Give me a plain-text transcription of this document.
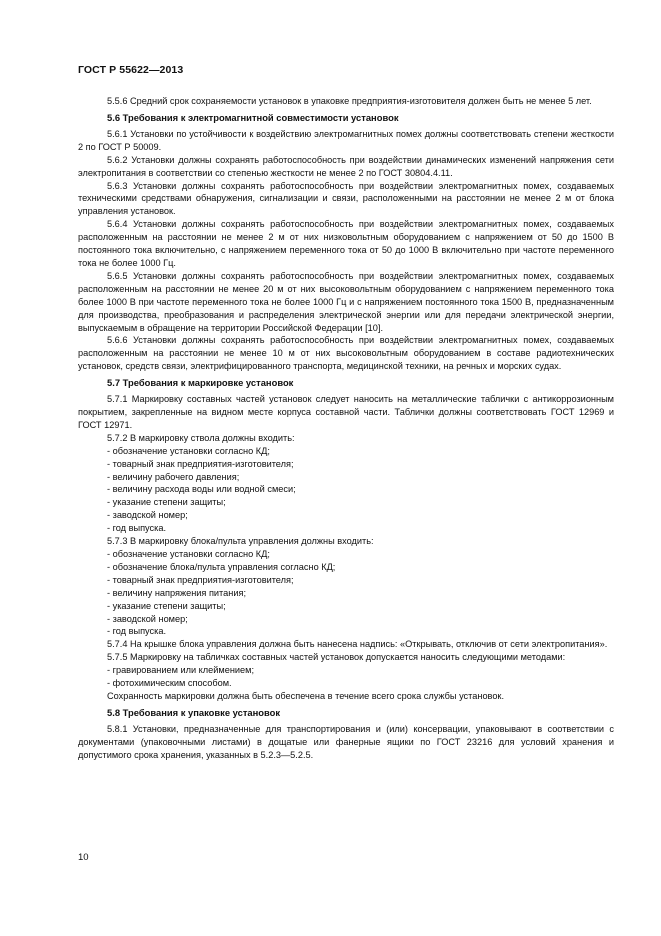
ГОСТ Р 55622—2013

5.5.6 Средний срок сохраняемости установок в упаковке предприятия-изготовителя должен быть не менее 5 лет.

5.6 Требования к электромагнитной совместимости установок

5.6.1 Установки по устойчивости к воздействию электромагнитных помех должны соответствовать степени жесткости 2 по ГОСТ Р 50009.

5.6.2 Установки должны сохранять работоспособность при воздействии динамических изменений напряжения сети электропитания в соответствии со степенью жесткости не менее 2 по ГОСТ 30804.4.11.

5.6.3 Установки должны сохранять работоспособность при воздействии электромагнитных помех, создаваемых техническими средствами обнаружения, сигнализации и связи, расположенными на расстоянии не менее 2 м от блока управления установок.

5.6.4 Установки должны сохранять работоспособность при воздействии электромагнитных помех, создаваемых расположенным на расстоянии не менее 2 м от них низковольтным оборудованием с напряжением от 50 до 1500 В постоянного тока включительно, с напряжением переменного тока от 50 до 1000 В включительно при частоте переменного тока не более 1000 Гц.

5.6.5 Установки должны сохранять работоспособность при воздействии электромагнитных помех, создаваемых расположенным на расстоянии не менее 20 м от них высоковольтным оборудованием с напряжением переменного тока более 1000 В при частоте переменного тока не более 1000 Гц и с напряжением постоянного тока 1500 В, предназначенным для производства, преобразования и распределения электрической энергии или для передачи электрической энергии, выпускаемым в обращение на территории Российской Федерации [10].

5.6.6 Установки должны сохранять работоспособность при воздействии электромагнитных помех, создаваемых расположенным на расстоянии не менее 10 м от них высоковольтным оборудованием в составе радиотехнических установок, средств связи, электрифицированного транспорта, медицинской техники, на речных и морских судах.

5.7 Требования к маркировке установок

5.7.1 Маркировку составных частей установок следует наносить на металлические таблички с антикоррозионным покрытием, закрепленные на видном месте корпуса составной части. Таблички должны соответствовать ГОСТ 12969 и ГОСТ 12971.

5.7.2 В маркировку ствола должны входить:

- обозначение установки согласно КД;
- товарный знак предприятия-изготовителя;
- величину рабочего давления;
- величину расхода воды или водной смеси;
- указание степени защиты;
- заводской номер;
- год выпуска.

5.7.3 В маркировку блока/пульта управления должны входить:

- обозначение установки согласно КД;
- обозначение блока/пульта управления согласно КД;
- товарный знак предприятия-изготовителя;
- величину напряжения питания;
- указание степени защиты;
- заводской номер;
- год выпуска.

5.7.4 На крышке блока управления должна быть нанесена надпись: «Открывать, отключив от сети электропитания».

5.7.5 Маркировку на табличках составных частей установок допускается наносить следующими методами:

- гравированием или клеймением;
- фотохимическим способом.

Сохранность маркировки должна быть обеспечена в течение всего срока службы установок.

5.8 Требования к упаковке установок

5.8.1 Установки, предназначенные для транспортирования и (или) консервации, упаковывают в соответствии с документами (упаковочными листами) в дощатые или фанерные ящики по ГОСТ 23216 для условий хранения и допустимого срока хранения, указанных в 5.2.3—5.2.5.

10
